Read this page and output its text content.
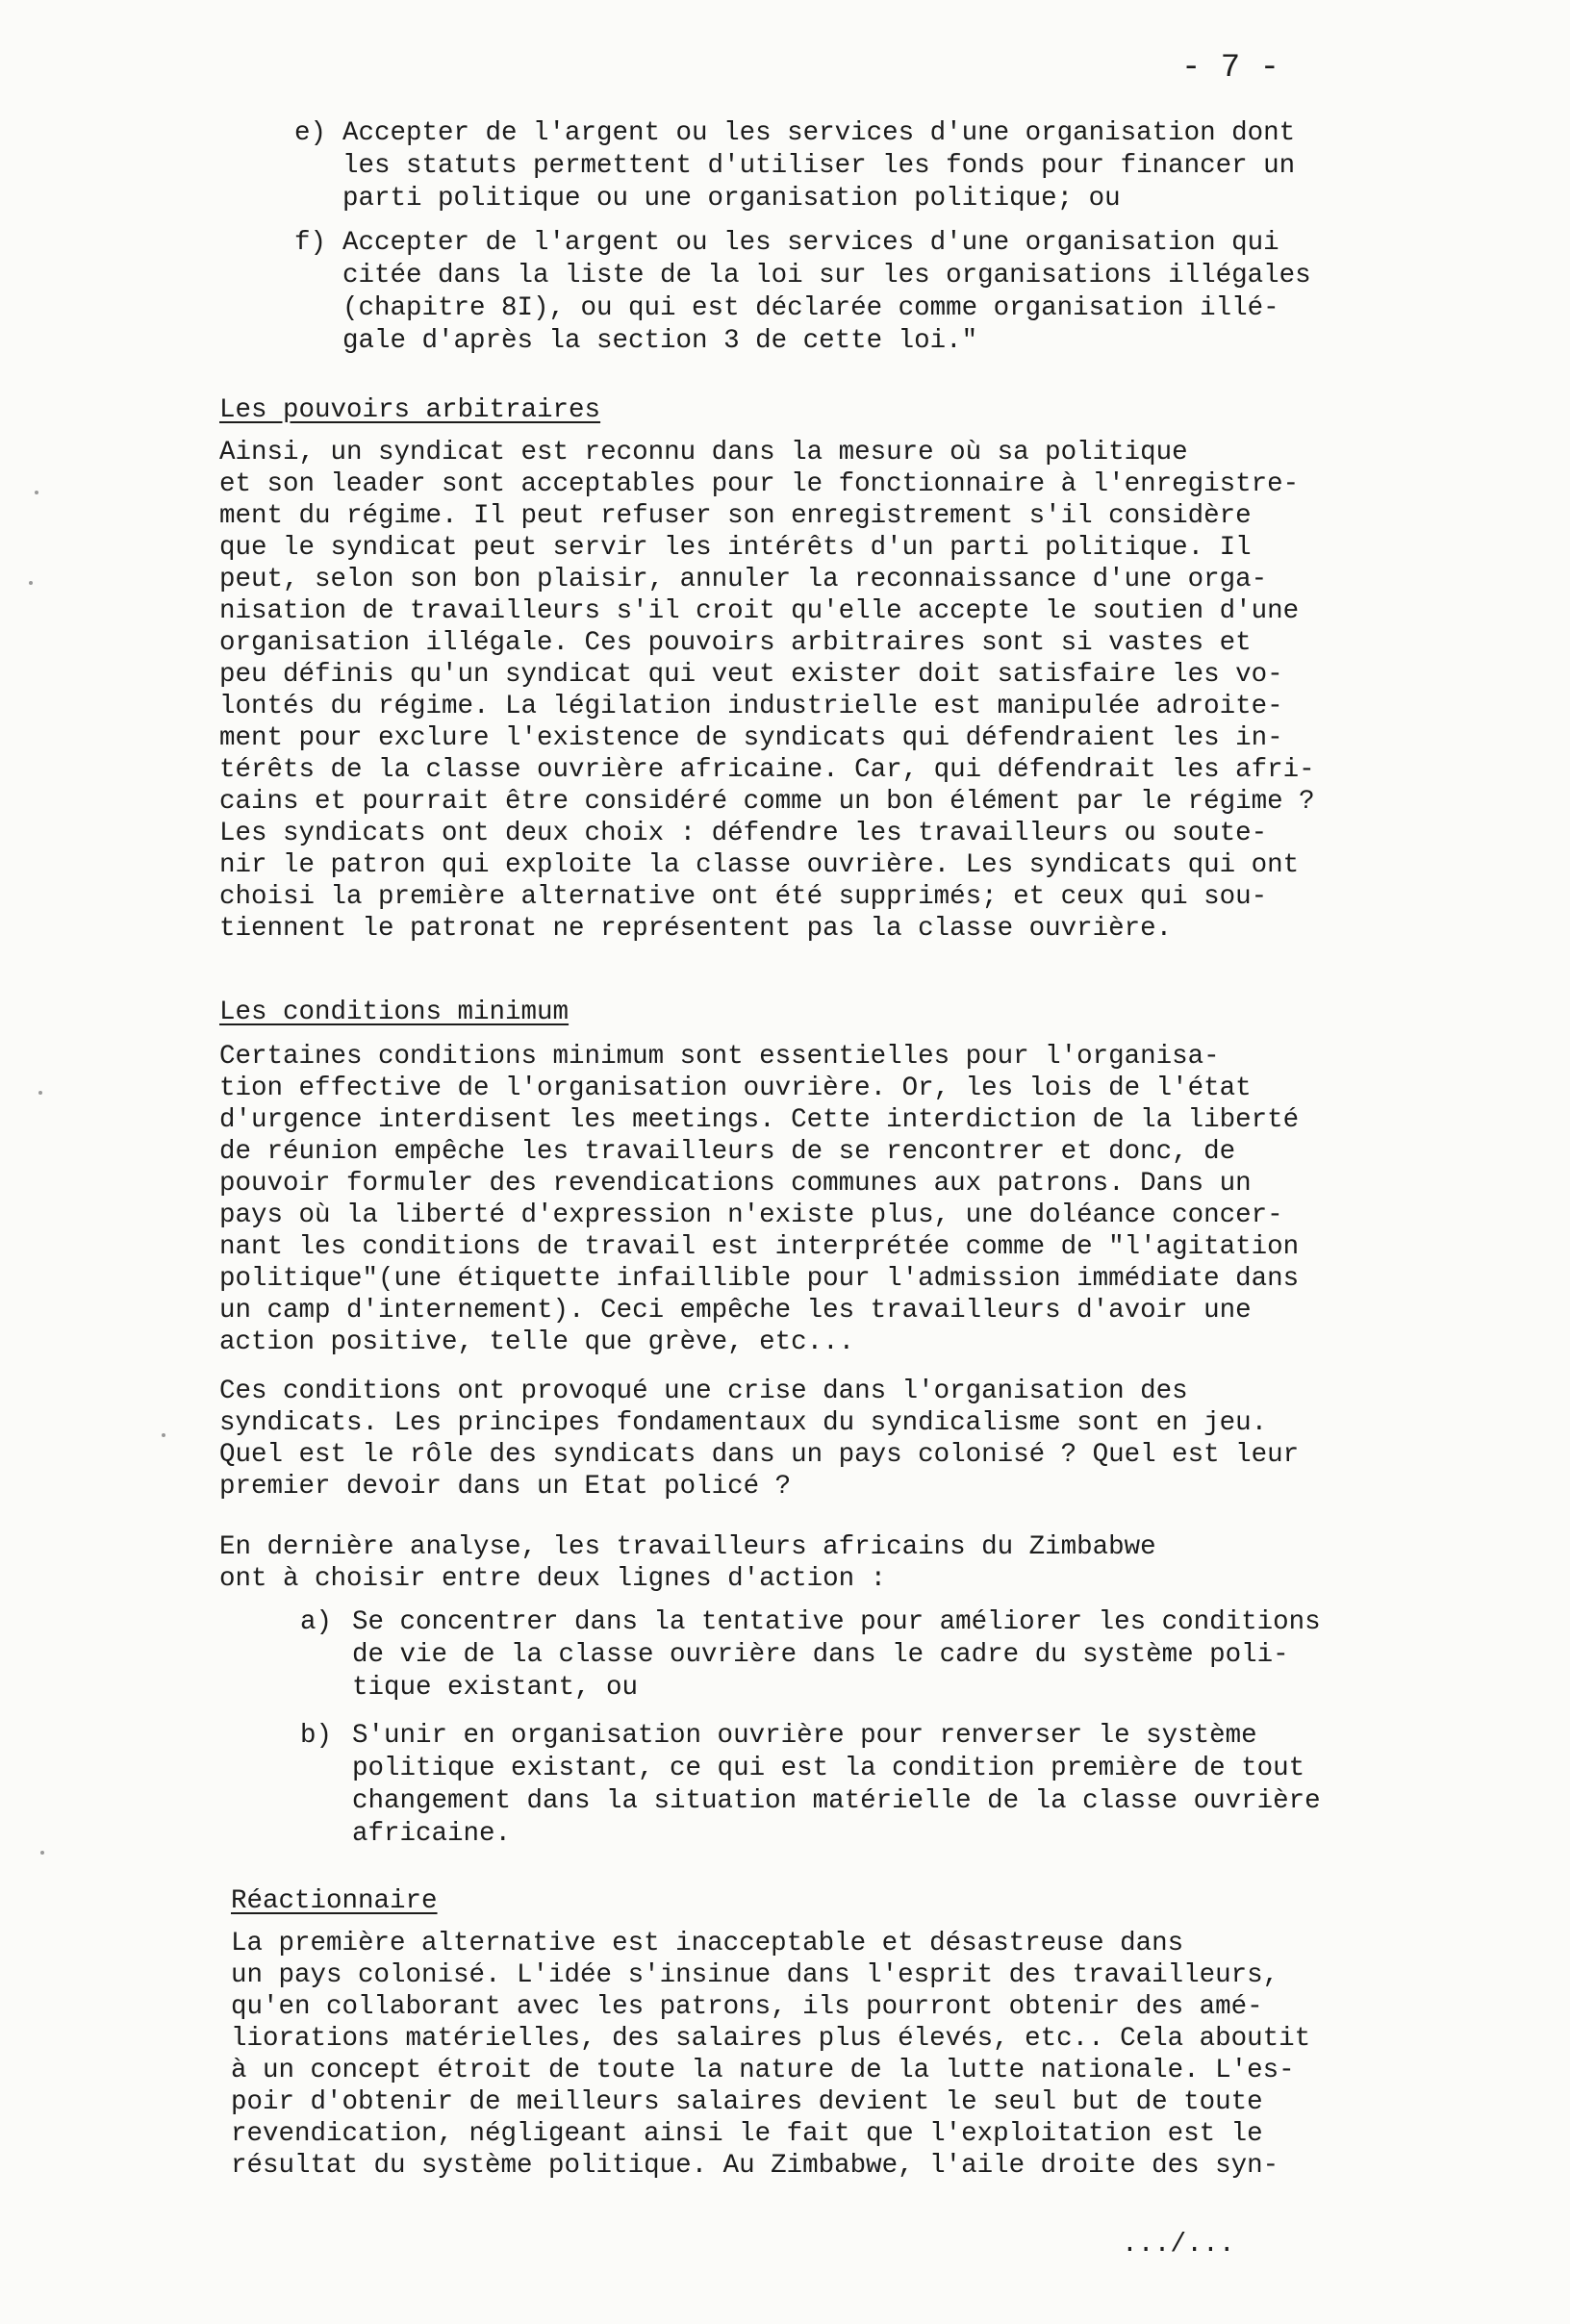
- 7 -
e) Accepter de l'argent ou les services d'une organisation dont
les statuts permettent d'utiliser les fonds pour financer un
parti politique ou une organisation politique; ou
f) Accepter de l'argent ou les services d'une organisation qui
citée dans la liste de la loi sur les organisations illégales
(chapitre 8I), ou qui est déclarée comme organisation illé-
gale d'après la section 3 de cette loi."
Les pouvoirs arbitraires
Ainsi, un syndicat est reconnu dans la mesure où sa politique
et son leader sont acceptables pour le fonctionnaire à l'enregistre-
ment du régime. Il peut refuser son enregistrement s'il considère
que le syndicat peut servir les intérêts d'un parti politique. Il
peut, selon son bon plaisir, annuler la reconnaissance d'une orga-
nisation de travailleurs s'il croit qu'elle accepte le soutien d'une
organisation illégale. Ces pouvoirs arbitraires sont si vastes et
peu définis qu'un syndicat qui veut exister doit satisfaire les vo-
lontés du régime. La légilation industrielle est manipulée adroite-
ment pour exclure l'existence de syndicats qui défendraient les in-
térêts de la classe ouvrière africaine. Car, qui défendrait les afri-
cains et pourrait être considéré comme un bon élément par le régime ?
Les syndicats ont deux choix : défendre les travailleurs ou soute-
nir le patron qui exploite la classe ouvrière. Les syndicats qui ont
choisi la première alternative ont été supprimés; et ceux qui sou-
tiennent le patronat ne représentent pas la classe ouvrière.
Les conditions minimum
Certaines conditions minimum sont essentielles pour l'organisa-
tion effective de l'organisation ouvrière. Or, les lois de l'état
d'urgence interdisent les meetings. Cette interdiction de la liberté
de réunion empêche les travailleurs de se rencontrer et donc, de
pouvoir formuler des revendications communes aux patrons. Dans un
pays où la liberté d'expression n'existe plus, une doléance concer-
nant les conditions de travail est interprétée comme de "l'agitation
politique"(une étiquette infaillible pour l'admission immédiate dans
un camp d'internement). Ceci empêche les travailleurs d'avoir une
action positive, telle que grève, etc...
Ces conditions ont provoqué une crise dans l'organisation des
syndicats. Les principes fondamentaux du syndicalisme sont en jeu.
Quel est le rôle des syndicats dans un pays colonisé ? Quel est leur
premier devoir dans un Etat policé ?
En dernière analyse, les travailleurs africains du Zimbabwe
ont à choisir entre deux lignes d'action :
a) Se concentrer dans la tentative pour améliorer les conditions
de vie de la classe ouvrière dans le cadre du système poli-
tique existant, ou
b) S'unir en organisation ouvrière pour renverser le système
politique existant, ce qui est la condition première de tout
changement dans la situation matérielle de la classe ouvrière
africaine.
Réactionnaire
La première alternative est inacceptable et désastreuse dans
un pays colonisé. L'idée s'insinue dans l'esprit des travailleurs,
qu'en collaborant avec les patrons, ils pourront obtenir des amé-
liorations matérielles, des salaires plus élevés, etc.. Cela aboutit
à un concept étroit de toute la nature de la lutte nationale. L'es-
poir d'obtenir de meilleurs salaires devient le seul but de toute
revendication, négligeant ainsi le fait que l'exploitation est le
résultat du système politique. Au Zimbabwe, l'aile droite des syn-
.../...
